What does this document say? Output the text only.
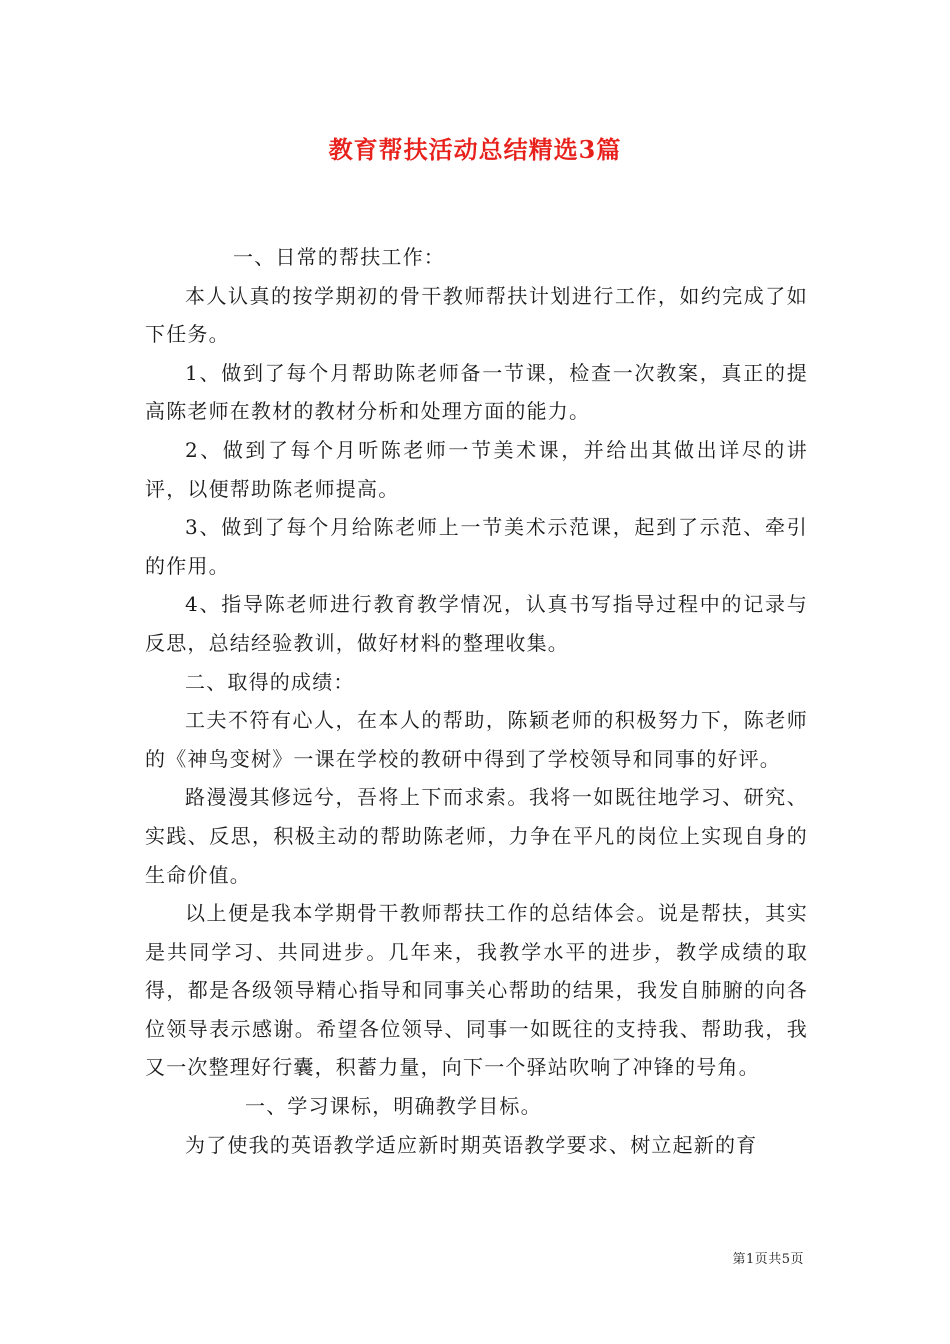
教育帮扶活动总结精选3篇

一、日常的帮扶工作：

本人认真的按学期初的骨干教师帮扶计划进行工作，如约完成了如下任务。

1、做到了每个月帮助陈老师备一节课，检查一次教案，真正的提高陈老师在教材的教材分析和处理方面的能力。

2、做到了每个月听陈老师一节美术课，并给出其做出详尽的讲评，以便帮助陈老师提高。

3、做到了每个月给陈老师上一节美术示范课，起到了示范、牵引的作用。

4、指导陈老师进行教育教学情况，认真书写指导过程中的记录与反思，总结经验教训，做好材料的整理收集。

二、取得的成绩：

工夫不符有心人，在本人的帮助，陈颖老师的积极努力下，陈老师的《神鸟变树》一课在学校的教研中得到了学校领导和同事的好评。

路漫漫其修远兮，吾将上下而求索。我将一如既往地学习、研究、实践、反思，积极主动的帮助陈老师，力争在平凡的岗位上实现自身的生命价值。

以上便是我本学期骨干教师帮扶工作的总结体会。说是帮扶，其实是共同学习、共同进步。几年来，我教学水平的进步，教学成绩的取得，都是各级领导精心指导和同事关心帮助的结果，我发自肺腑的向各位领导表示感谢。希望各位领导、同事一如既往的支持我、帮助我，我又一次整理好行囊，积蓄力量，向下一个驿站吹响了冲锋的号角。

一、学习课标，明确教学目标。

为了使我的英语教学适应新时期英语教学要求、树立起新的育

第1页共5页
